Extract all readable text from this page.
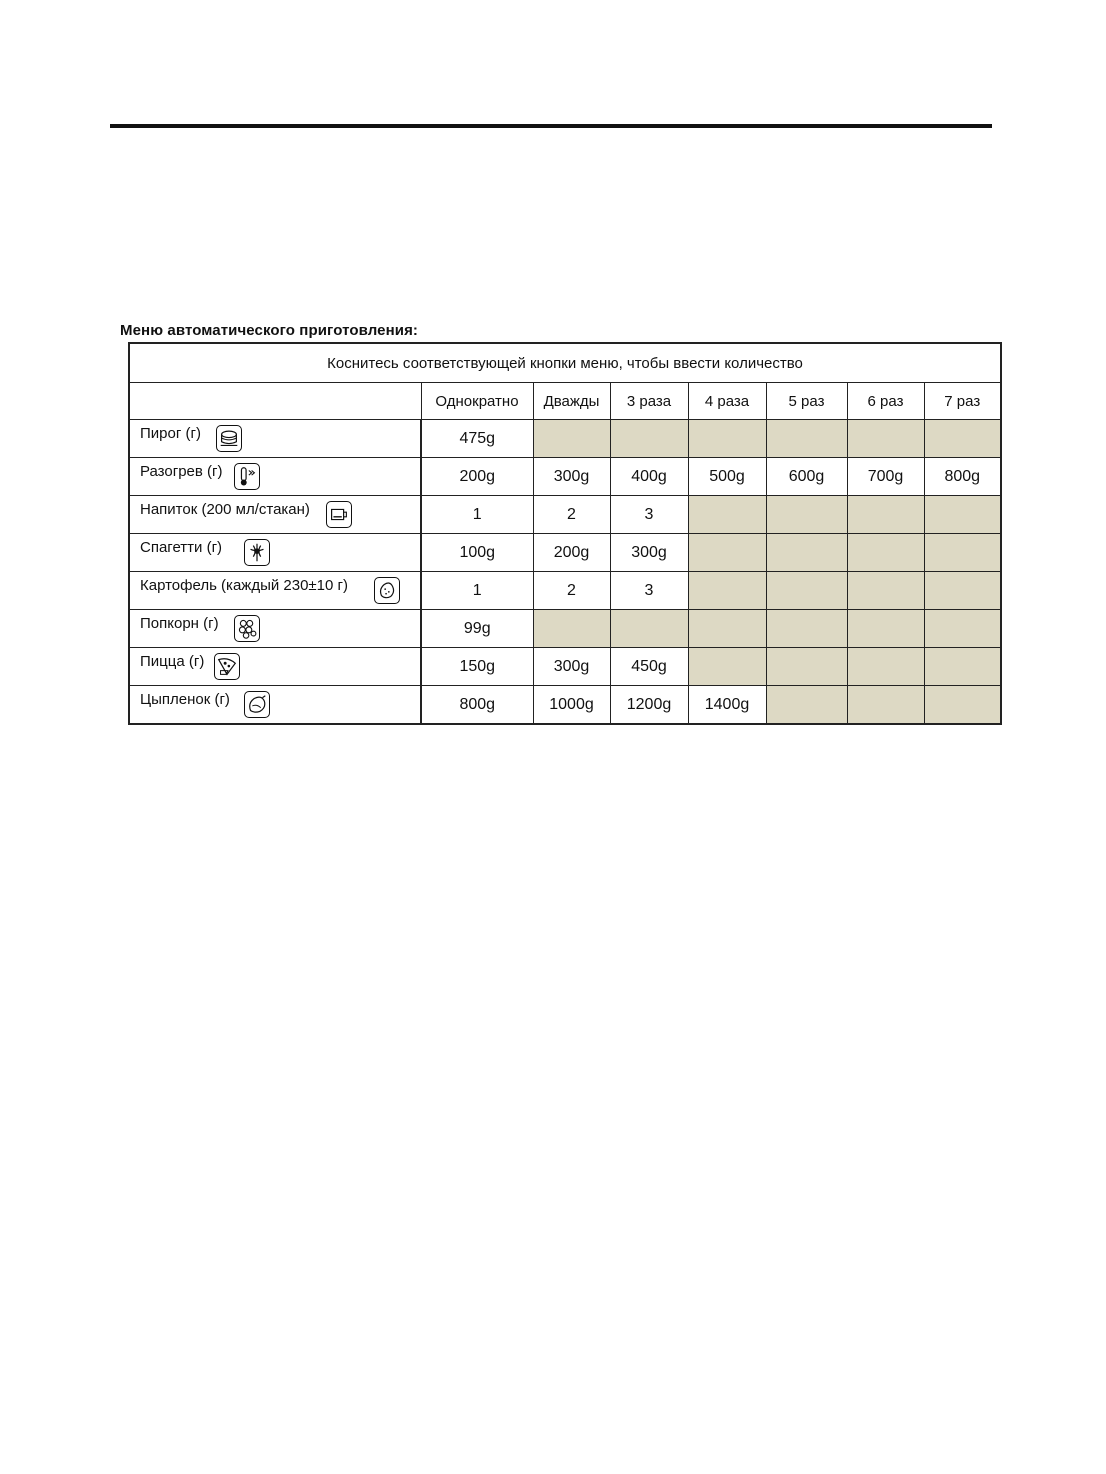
Меню автоматического приготовления:
Коснитесь соответствующей кнопки меню, чтобы ввести количество							
	Однократно	Дважды	3 раза	4 раза	5 раз	6 раз	7 раз
Пирог (г)	475g						
Разогрев (г)	200g	300g	400g	500g	600g	700g	800g
Напиток (200 мл/стакан)	1	2	3				
Спагетти (г)	100g	200g	300g				
Картофель (каждый 230±10 г)	1	2	3				
Попкорн (г)	99g						
Пицца (г)	150g	300g	450g				
Цыпленок (г)	800g	1000g	1200g	1400g			
